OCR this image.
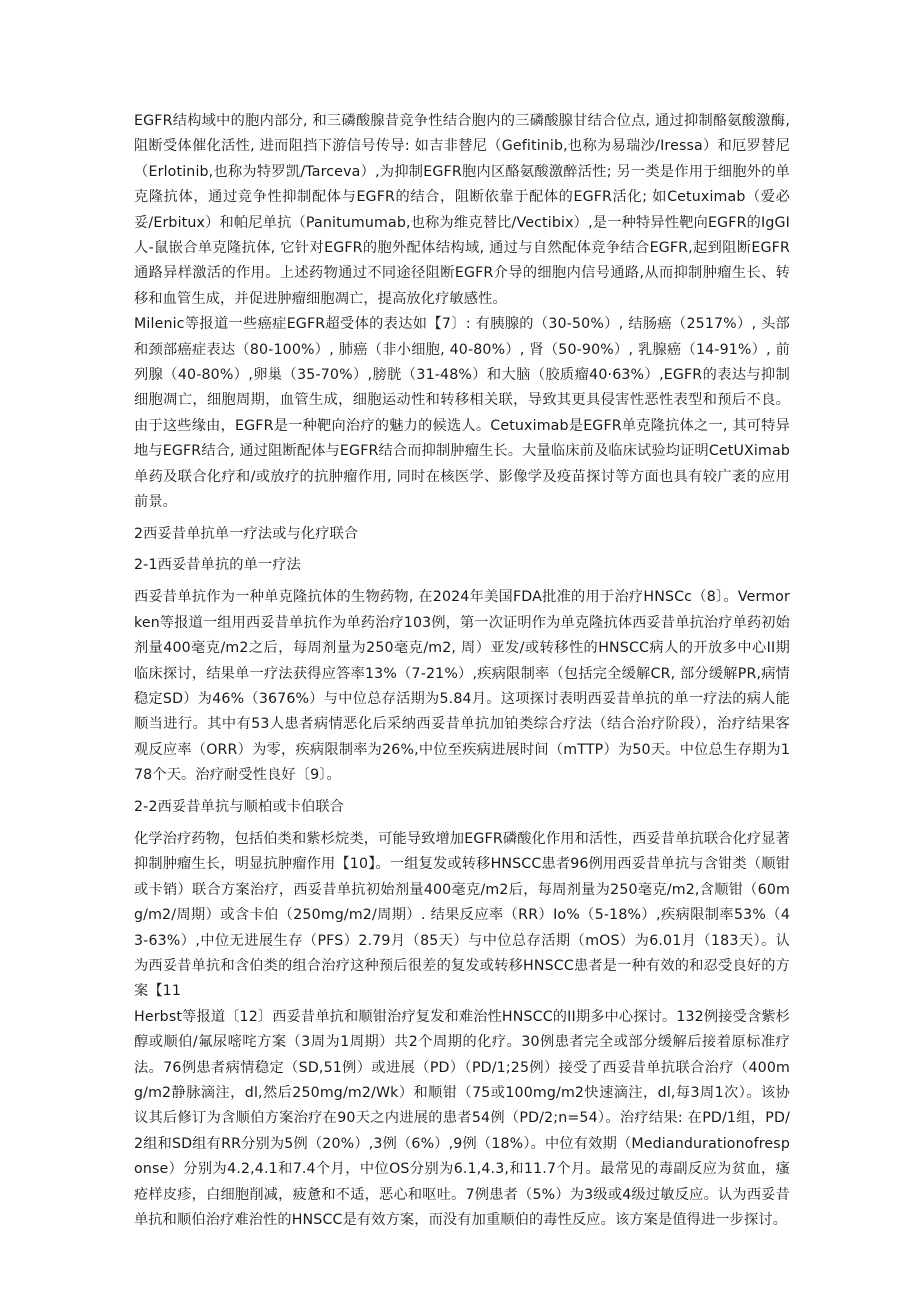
EGFR结构域中的胞内部分, 和三磷酸腺昔竞争性结合胞内的三磷酸腺甘结合位点, 通过抑制酪氨酸激酶, 阻断受体催化活性, 进而阻挡下游信号传导: 如吉非替尼（Gefitinib,也称为易瑞沙/Iressa）和厄罗替尼（Erlotinib,也称为特罗凯/Tarceva）,为抑制EGFR胞内区酪氨酸激醉活性; 另一类是作用于细胞外的单克隆抗体，通过竞争性抑制配体与EGFR的结合，阻断依靠于配体的EGFR活化; 如Cetuximab（爱必妥/Erbitux）和帕尼单抗（Panitumumab,也称为维克替比/Vectibix）,是一种特异性靶向EGFR的IgGI人-鼠嵌合单克隆抗体, 它针对EGFR的胞外配体结构域, 通过与自然配体竞争结合EGFR,起到阻断EGFR通路异样激活的作用。上述药物通过不同途径阻断EGFR介导的细胞内信号通路,从而抑制肿瘤生长、转移和血管生成，并促进肿瘤细胞凋亡，提高放化疗敏感性。

Milenic等报道一些癌症EGFR超受体的表达如【7〕: 有胰腺的（30-50%）, 结肠癌（2517%）, 头部和颈部癌症表达（80-100%）, 肺癌（非小细胞, 40-80%）, 肾（50-90%）, 乳腺癌（14-91%）, 前列腺（40-80%）,卵巢（35-70%）,膀胱（31-48%）和大脑（胶质瘤40·63%）,EGFR的表达与抑制细胞凋亡，细胞周期，血管生成，细胞运动性和转移相关联，导致其更具侵害性恶性表型和预后不良。由于这些缘由，EGFR是一种靶向治疗的魅力的候选人。Cetuximab是EGFR单克隆抗体之一, 其可特异地与EGFR结合, 通过阻断配体与EGFR结合而抑制肿瘤生长。大量临床前及临床试验均证明CetUXimab单药及联合化疗和/或放疗的抗肿瘤作用, 同时在核医学、影像学及疫苗探讨等方面也具有较广袤的应用前景。

2西妥昔单抗单一疗法或与化疗联合

2-1西妥昔单抗的单一疗法

西妥昔单抗作为一种单克隆抗体的生物药物, 在2024年美国FDA批准的用于治疗HNSCc（8〕。Vermorken等报道一组用西妥昔单抗作为单药治疗103例，第一次证明作为单克隆抗体西妥昔单抗治疗单药初始剂量400毫克/m2之后，每周剂量为250毫克/m2, 周）亚发/或转移性的HNSCC病人的开放多中心II期临床探讨，结果单一疗法获得应答率13%（7-21%）,疾病限制率（包括完全缓解CR, 部分缓解PR,病情稳定SD）为46%（3676%）与中位总存活期为5.84月。这项探讨表明西妥昔单抗的单一疗法的病人能顺当进行。其中有53人患者病情恶化后采纳西妥昔单抗加铂类综合疗法（结合治疗阶段），治疗结果客观反应率（ORR）为零，疾病限制率为26%,中位至疾病进展时间（mTTP）为50天。中位总生存期为178个天。治疗耐受性良好〔9〕。

2-2西妥昔单抗与顺柏或卡伯联合

化学治疗药物，包括伯类和紫杉烷类，可能导致增加EGFR磷酸化作用和活性，西妥昔单抗联合化疗显著抑制肿瘤生长，明显抗肿瘤作用【10】。一组复发或转移HNSCC患者96例用西妥昔单抗与含钳类（顺钳或卡销）联合方案治疗，西妥昔单抗初始剂量400毫克/m2后，每周剂量为250毫克/m2,含顺钳（60mg/m2/周期）或含卡伯（250mg/m2/周期）. 结果反应率（RR）Io%（5-18%）,疾病限制率53%（43-63%）,中位无进展生存（PFS）2.79月（85天）与中位总存活期（mOS）为6.01月（183天）。认为西妥昔单抗和含伯类的组合治疗这种预后很差的复发或转移HNSCC患者是一种有效的和忍受良好的方案【11

Herbst等报道〔12〕西妥昔单抗和顺钳治疗复发和难治性HNSCC的II期多中心探讨。132例接受含紫杉醇或顺伯/氟尿嘧咤方案（3周为1周期）共2个周期的化疗。30例患者完全或部分缓解后接着原标准疗法。76例患者病情稳定（SD,51例）或进展（PD）（PD/1;25例）接受了西妥昔单抗联合治疗（400mg/m2静脉滴注，dl,然后250mg/m2/Wk）和顺钳（75或100mg/m2快速滴注，dl,每3周1次）。该协议其后修订为含顺伯方案治疗在90天之内进展的患者54例（PD∕2;n=54）。治疗结果: 在PD/1组，PD/2组和SD组有RR分别为5例（20%）,3例（6%）,9例（18%）。中位有效期（Mediandurationofresponse）分别为4.2,4.1和7.4个月，中位OS分别为6.1,4.3,和11.7个月。最常见的毒副反应为贫血，瘙疮样皮疹，白细胞削减，疲惫和不适，恶心和呕吐。7例患者（5%）为3级或4级过敏反应。认为西妥昔单抗和顺伯治疗难治性的HNSCC是有效方案，而没有加重顺伯的毒性反应。该方案是值得进一步探讨。
